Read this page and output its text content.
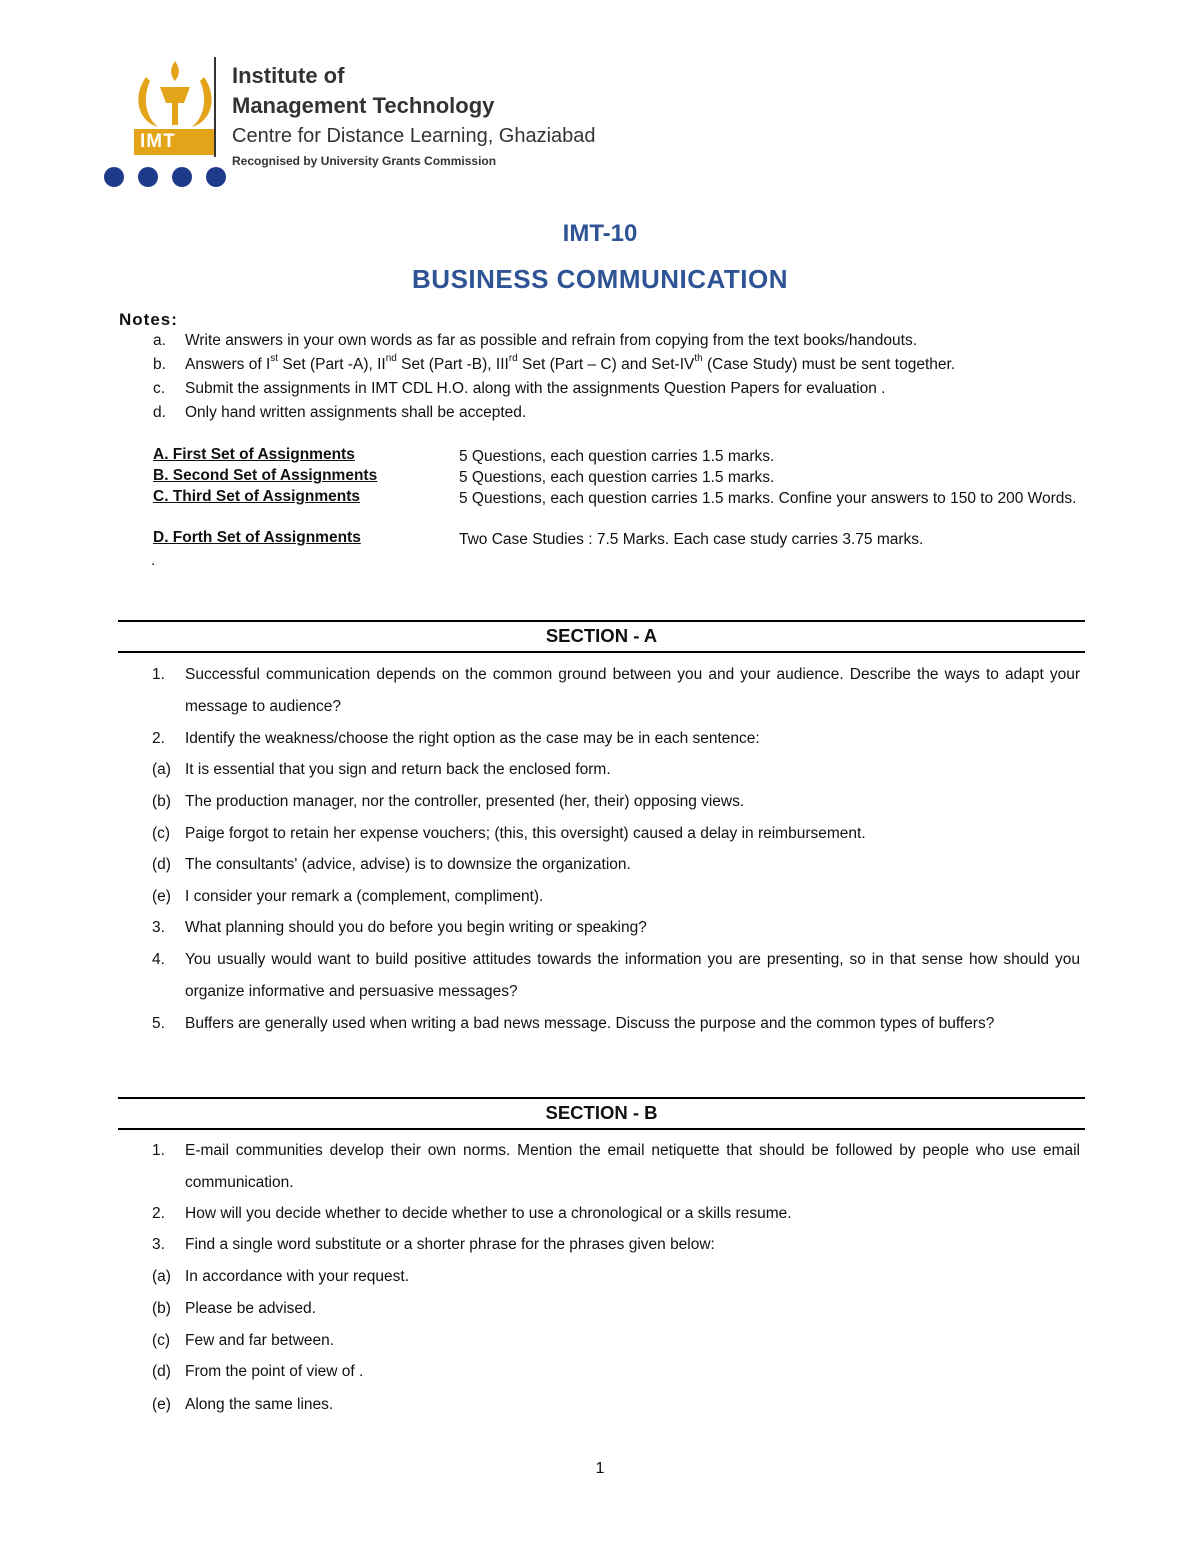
IMT
Institute of
Management Technology
Centre for Distance Learning, Ghaziabad
Recognised by University Grants Commission
IMT-10
BUSINESS COMMUNICATION
Notes:
a. Write answers in your own words as far as possible and refrain from copying from the text books/handouts.
b. Answers of Ist Set (Part -A), IInd Set (Part -B), IIIrd Set (Part – C) and Set-IVth (Case Study) must be sent together.
c. Submit the assignments in IMT CDL H.O. along with the assignments Question Papers for evaluation .
d. Only hand written assignments shall be accepted.
A. First Set of Assignments	5 Questions, each question carries 1.5 marks.
B. Second Set of Assignments	5 Questions, each question carries 1.5 marks.
C. Third Set of Assignments	5 Questions, each question carries 1.5 marks. Confine your answers to 150 to 200 Words.
D. Forth Set of Assignments	Two Case Studies : 7.5 Marks. Each case study carries 3.75 marks.
.
SECTION - A
1.	Successful communication depends on the common ground between you and your audience. Describe the ways to adapt your message to audience?
2.	Identify the weakness/choose the right option as the case may be in each sentence:
(a) It is essential that you sign and return back the enclosed form.
(b) The production manager, nor the controller, presented (her, their) opposing views.
(c) Paige forgot to retain her expense vouchers; (this, this oversight) caused a delay in reimbursement.
(d) The consultants' (advice, advise) is to downsize the organization.
(e) I consider your remark a (complement, compliment).
3.	What planning should you do before you begin writing or speaking?
4.	You usually would want to build positive attitudes towards the information you are presenting, so in that sense how should you organize informative and persuasive messages?
5.	Buffers are generally used when writing a bad news message. Discuss the purpose and the common types of buffers?
SECTION - B
1.	E-mail communities develop their own norms. Mention the email netiquette that should be followed by people who use email communication.
2.	How will you decide whether to decide whether to use a chronological or a skills resume.
3.	Find a single word substitute or a shorter phrase for the phrases given below:
(a) In accordance with your request.
(b) Please be advised.
(c) Few and far between.
(d) From the point of view of .
(e) Along the same lines.
1
